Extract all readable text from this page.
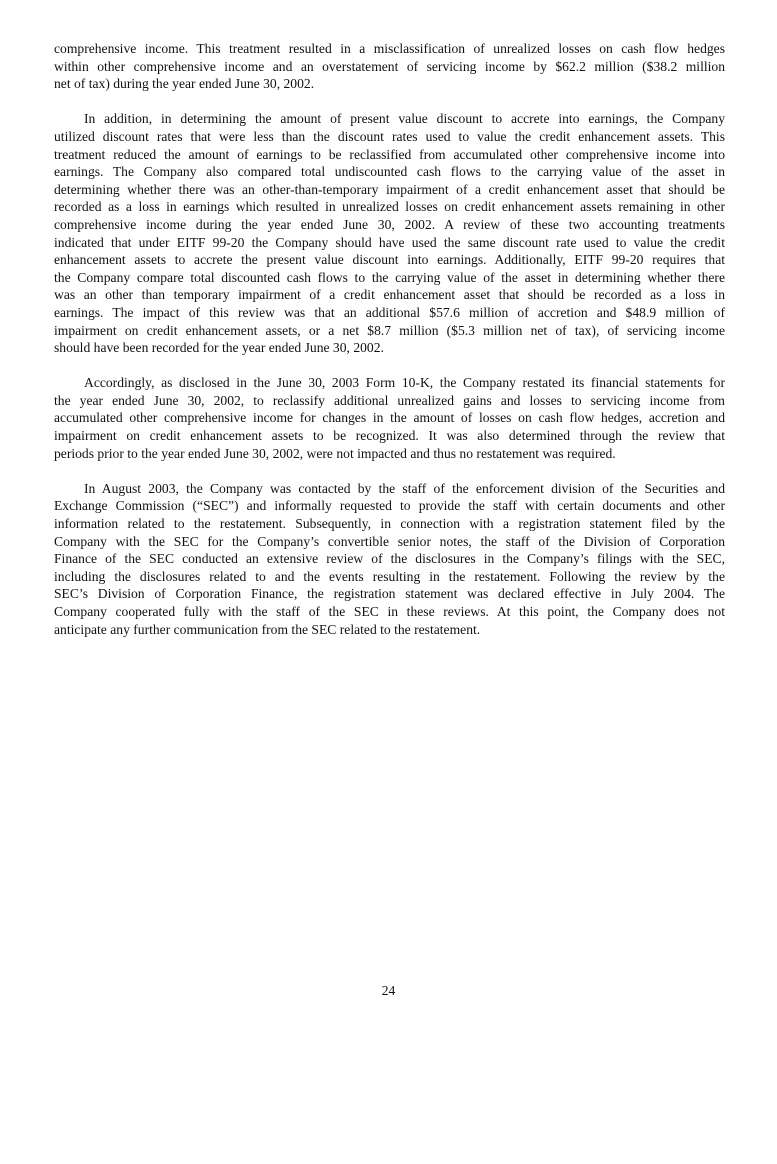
comprehensive income. This treatment resulted in a misclassification of unrealized losses on cash flow hedges
within other comprehensive income and an overstatement of servicing income by $62.2 million ($38.2 million
net of tax) during the year ended June 30, 2002.
In addition, in determining the amount of present value discount to accrete into earnings, the Company
utilized discount rates that were less than the discount rates used to value the credit enhancement assets. This
treatment reduced the amount of earnings to be reclassified from accumulated other comprehensive income into
earnings. The Company also compared total undiscounted cash flows to the carrying value of the asset in
determining whether there was an other-than-temporary impairment of a credit enhancement asset that should be
recorded as a loss in earnings which resulted in unrealized losses on credit enhancement assets remaining in other
comprehensive income during the year ended June 30, 2002. A review of these two accounting treatments
indicated that under EITF 99-20 the Company should have used the same discount rate used to value the credit
enhancement assets to accrete the present value discount into earnings. Additionally, EITF 99-20 requires that
the Company compare total discounted cash flows to the carrying value of the asset in determining whether there
was an other than temporary impairment of a credit enhancement asset that should be recorded as a loss in
earnings. The impact of this review was that an additional $57.6 million of accretion and $48.9 million of
impairment on credit enhancement assets, or a net $8.7 million ($5.3 million net of tax), of servicing income
should have been recorded for the year ended June 30, 2002.
Accordingly, as disclosed in the June 30, 2003 Form 10-K, the Company restated its financial statements for
the year ended June 30, 2002, to reclassify additional unrealized gains and losses to servicing income from
accumulated other comprehensive income for changes in the amount of losses on cash flow hedges, accretion and
impairment on credit enhancement assets to be recognized. It was also determined through the review that
periods prior to the year ended June 30, 2002, were not impacted and thus no restatement was required.
In August 2003, the Company was contacted by the staff of the enforcement division of the Securities and
Exchange Commission (“SEC”) and informally requested to provide the staff with certain documents and other
information related to the restatement. Subsequently, in connection with a registration statement filed by the
Company with the SEC for the Company’s convertible senior notes, the staff of the Division of Corporation
Finance of the SEC conducted an extensive review of the disclosures in the Company’s filings with the SEC,
including the disclosures related to and the events resulting in the restatement. Following the review by the
SEC’s Division of Corporation Finance, the registration statement was declared effective in July 2004. The
Company cooperated fully with the staff of the SEC in these reviews. At this point, the Company does not
anticipate any further communication from the SEC related to the restatement.
24
